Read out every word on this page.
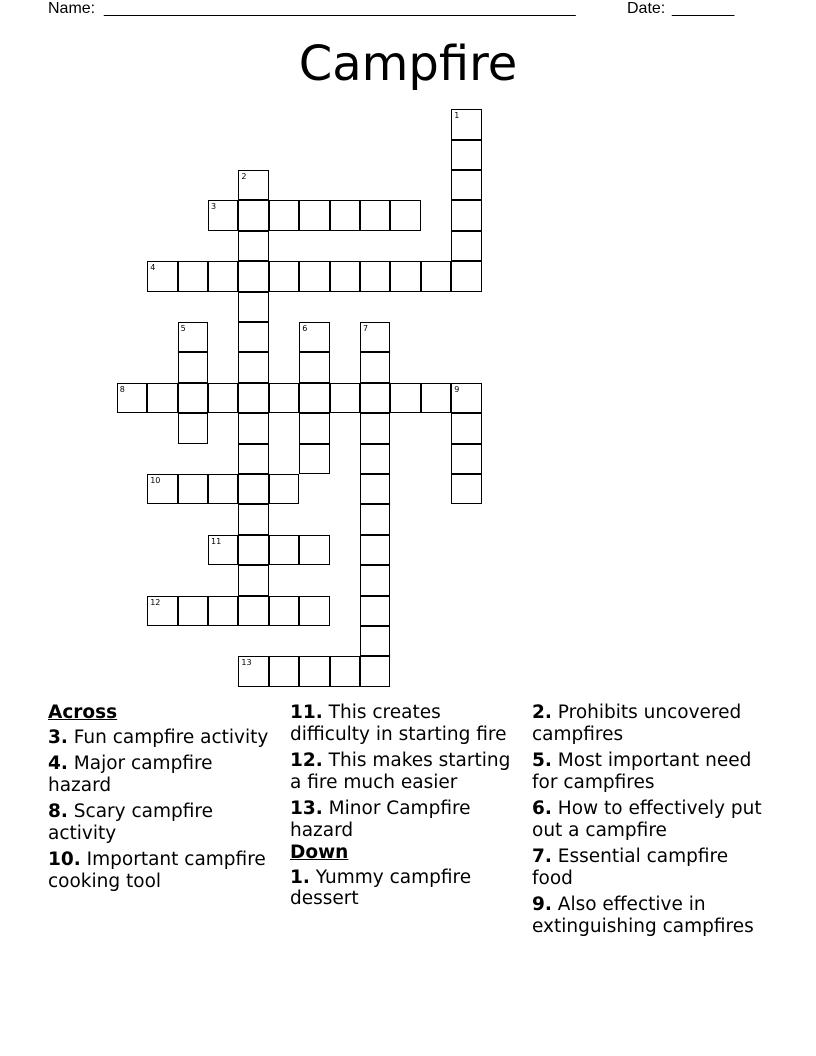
Name: _____________________________________________________	Date: _______
Campfire
1
2
3
4
5	6	7
8	9
10
11
12
13
Across
3. Fun campfire activity
4. Major campfire hazard
8. Scary campfire activity
10. Important campfire cooking tool
11. This creates difficulty in starting fire
12. This makes starting a fire much easier
13. Minor Campfire hazard
Down
1. Yummy campfire dessert
2. Prohibits uncovered campfires
5. Most important need for campfires
6. How to effectively put out a campfire
7. Essential campfire food
9. Also effective in extinguishing campfires
